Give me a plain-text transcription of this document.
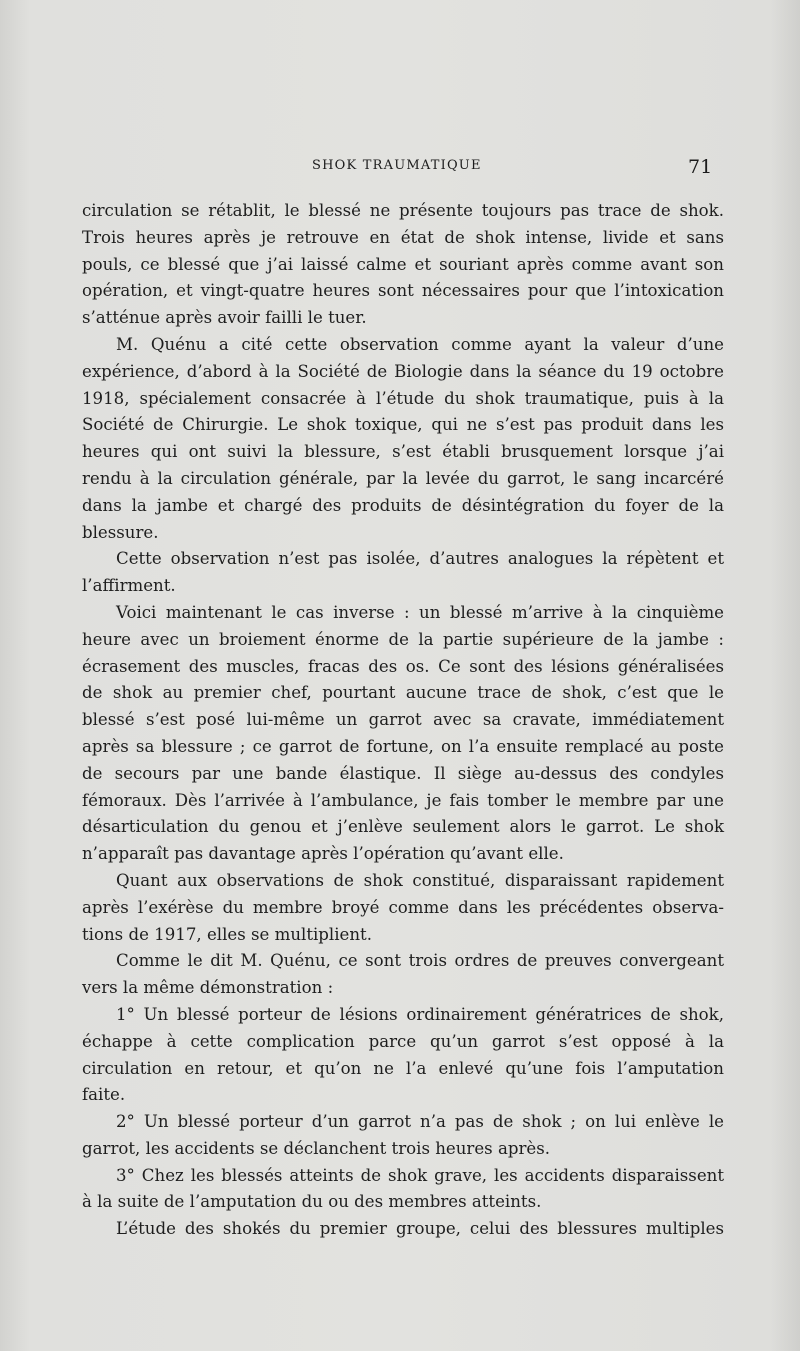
SHOK TRAUMATIQUE	71
circulation se rétablit, le blessé ne présente toujours pas trace de shok.
Trois heures après je retrouve en état de shok intense, livide et sans
pouls, ce blessé que j’ai laissé calme et souriant après comme avant son
opération, et vingt-quatre heures sont nécessaires pour que l’intoxication
s’atténue après avoir failli le tuer.
M. Quénu a cité cette observation comme ayant la valeur d’une
expérience, d’abord à la Société de Biologie dans la séance du 19 octobre
1918, spécialement consacrée à l’étude du shok traumatique, puis à la
Société de Chirurgie. Le shok toxique, qui ne s’est pas produit dans les
heures qui ont suivi la blessure, s’est établi brusquement lorsque j’ai
rendu à la circulation générale, par la levée du garrot, le sang incarcéré
dans la jambe et chargé des produits de désintégration du foyer de la
blessure.
Cette observation n’est pas isolée, d’autres analogues la répètent et
l’affirment.
Voici maintenant le cas inverse : un blessé m’arrive à la cinquième
heure avec un broiement énorme de la partie supérieure de la jambe :
écrasement des muscles, fracas des os. Ce sont des lésions généralisées
de shok au premier chef, pourtant aucune trace de shok, c’est que le
blessé s’est posé lui-même un garrot avec sa cravate, immédiatement
après sa blessure ; ce garrot de fortune, on l’a ensuite remplacé au poste
de secours par une bande élastique. Il siège au-dessus des condyles
fémoraux. Dès l’arrivée à l’ambulance, je fais tomber le membre par une
désarticulation du genou et j’enlève seulement alors le garrot. Le shok
n’apparaît pas davantage après l’opération qu’avant elle.
Quant aux observations de shok constitué, disparaissant rapidement
après l’exérèse du membre broyé comme dans les précédentes observa-
tions de 1917, elles se multiplient.
Comme le dit M. Quénu, ce sont trois ordres de preuves convergeant
vers la même démonstration :
1° Un blessé porteur de lésions ordinairement génératrices de shok,
échappe à cette complication parce qu’un garrot s’est opposé à la
circulation en retour, et qu’on ne l’a enlevé qu’une fois l’amputation
faite.
2° Un blessé porteur d’un garrot n’a pas de shok ; on lui enlève le
garrot, les accidents se déclanchent trois heures après.
3° Chez les blessés atteints de shok grave, les accidents disparaissent
à la suite de l’amputation du ou des membres atteints.
L’étude des shokés du premier groupe, celui des blessures multiples
